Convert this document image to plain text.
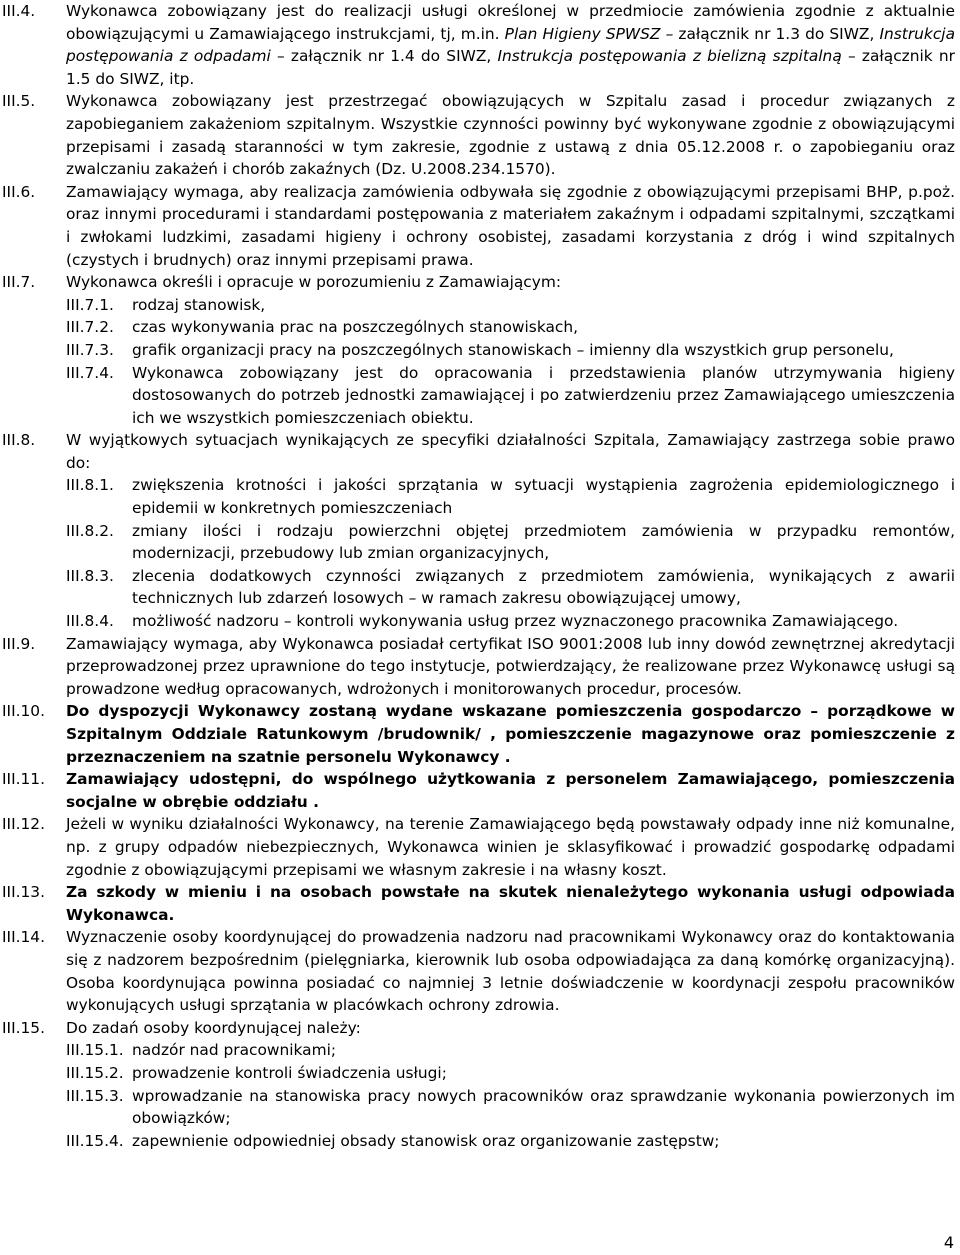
III.4. Wykonawca zobowiązany jest do realizacji usługi określonej w przedmiocie zamówienia zgodnie z aktualnie obowiązującymi u Zamawiającego instrukcjami, tj, m.in. Plan Higieny SPWSZ – załącznik nr 1.3 do SIWZ, Instrukcja postępowania z odpadami – załącznik nr 1.4 do SIWZ, Instrukcja postępowania z bielizną szpitalną – załącznik nr 1.5 do SIWZ, itp.
III.5. Wykonawca zobowiązany jest przestrzegać obowiązujących w Szpitalu zasad i procedur związanych z zapobieganiem zakażeniom szpitalnym. Wszystkie czynności powinny być wykonywane zgodnie z obowiązującymi przepisami i zasadą staranności w tym zakresie, zgodnie z ustawą z dnia 05.12.2008 r. o zapobieganiu oraz zwalczaniu zakażeń i chorób zakaźnych (Dz. U.2008.234.1570).
III.6. Zamawiający wymaga, aby realizacja zamówienia odbywała się zgodnie z obowiązującymi przepisami BHP, p.poż. oraz innymi procedurami i standardami postępowania z materiałem zakaźnym i odpadami szpitalnymi, szczątkami i zwłokami ludzkimi, zasadami higieny i ochrony osobistej, zasadami korzystania z dróg i wind szpitalnych (czystych i brudnych) oraz innymi przepisami prawa.
III.7. Wykonawca określi i opracuje w porozumieniu z Zamawiającym:
III.7.1. rodzaj stanowisk,
III.7.2. czas wykonywania prac na poszczególnych stanowiskach,
III.7.3. grafik organizacji pracy na poszczególnych stanowiskach – imienny dla wszystkich grup personelu,
III.7.4. Wykonawca zobowiązany jest do opracowania i przedstawienia planów utrzymywania higieny dostosowanych do potrzeb jednostki zamawiającej i po zatwierdzeniu przez Zamawiającego umieszczenia ich we wszystkich pomieszczeniach obiektu.
III.8. W wyjątkowych sytuacjach wynikających ze specyfiki działalności Szpitala, Zamawiający zastrzega sobie prawo do:
III.8.1. zwiększenia krotności i jakości sprzątania w sytuacji wystąpienia zagrożenia epidemiologicznego i epidemii w konkretnych pomieszczeniach
III.8.2. zmiany ilości i rodzaju powierzchni objętej przedmiotem zamówienia w przypadku remontów, modernizacji, przebudowy lub zmian organizacyjnych,
III.8.3. zlecenia dodatkowych czynności związanych z przedmiotem zamówienia, wynikających z awarii technicznych lub zdarzeń losowych – w ramach zakresu obowiązującej umowy,
III.8.4. możliwość nadzoru – kontroli wykonywania usług przez wyznaczonego pracownika Zamawiającego.
III.9. Zamawiający wymaga, aby Wykonawca posiadał certyfikat ISO 9001:2008 lub inny dowód zewnętrznej akredytacji przeprowadzonej przez uprawnione do tego instytucje, potwierdzający, że realizowane przez Wykonawcę usługi są prowadzone według opracowanych, wdrożonych i monitorowanych procedur, procesów.
III.10. Do dyspozycji Wykonawcy zostaną wydane wskazane pomieszczenia gospodarczo – porządkowe w Szpitalnym Oddziale Ratunkowym /brudownik/ , pomieszczenie magazynowe oraz pomieszczenie z przeznaczeniem na szatnie personelu Wykonawcy .
III.11. Zamawiający udostępni, do wspólnego użytkowania z personelem Zamawiającego, pomieszczenia socjalne w obrębie oddziału .
III.12. Jeżeli w wyniku działalności Wykonawcy, na terenie Zamawiającego będą powstawały odpady inne niż komunalne, np. z grupy odpadów niebezpiecznych, Wykonawca winien je sklasyfikować i prowadzić gospodarkę odpadami zgodnie z obowiązującymi przepisami we własnym zakresie i na własny koszt.
III.13. Za szkody w mieniu i na osobach powstałe na skutek nienależytego wykonania usługi odpowiada Wykonawca.
III.14. Wyznaczenie osoby koordynującej do prowadzenia nadzoru nad pracownikami Wykonawcy oraz do kontaktowania się z nadzorem bezpośrednim (pielęgniarka, kierownik lub osoba odpowiadająca za daną komórkę organizacyjną). Osoba koordynująca powinna posiadać co najmniej 3 letnie doświadczenie w koordynacji zespołu pracowników wykonujących usługi sprzątania w placówkach ochrony zdrowia.
III.15. Do zadań osoby koordynującej należy:
III.15.1. nadzór nad pracownikami;
III.15.2. prowadzenie kontroli świadczenia usługi;
III.15.3. wprowadzanie na stanowiska pracy nowych pracowników oraz sprawdzanie wykonania powierzonych im obowiązków;
III.15.4. zapewnienie odpowiedniej obsady stanowisk oraz organizowanie zastępstw;
4
